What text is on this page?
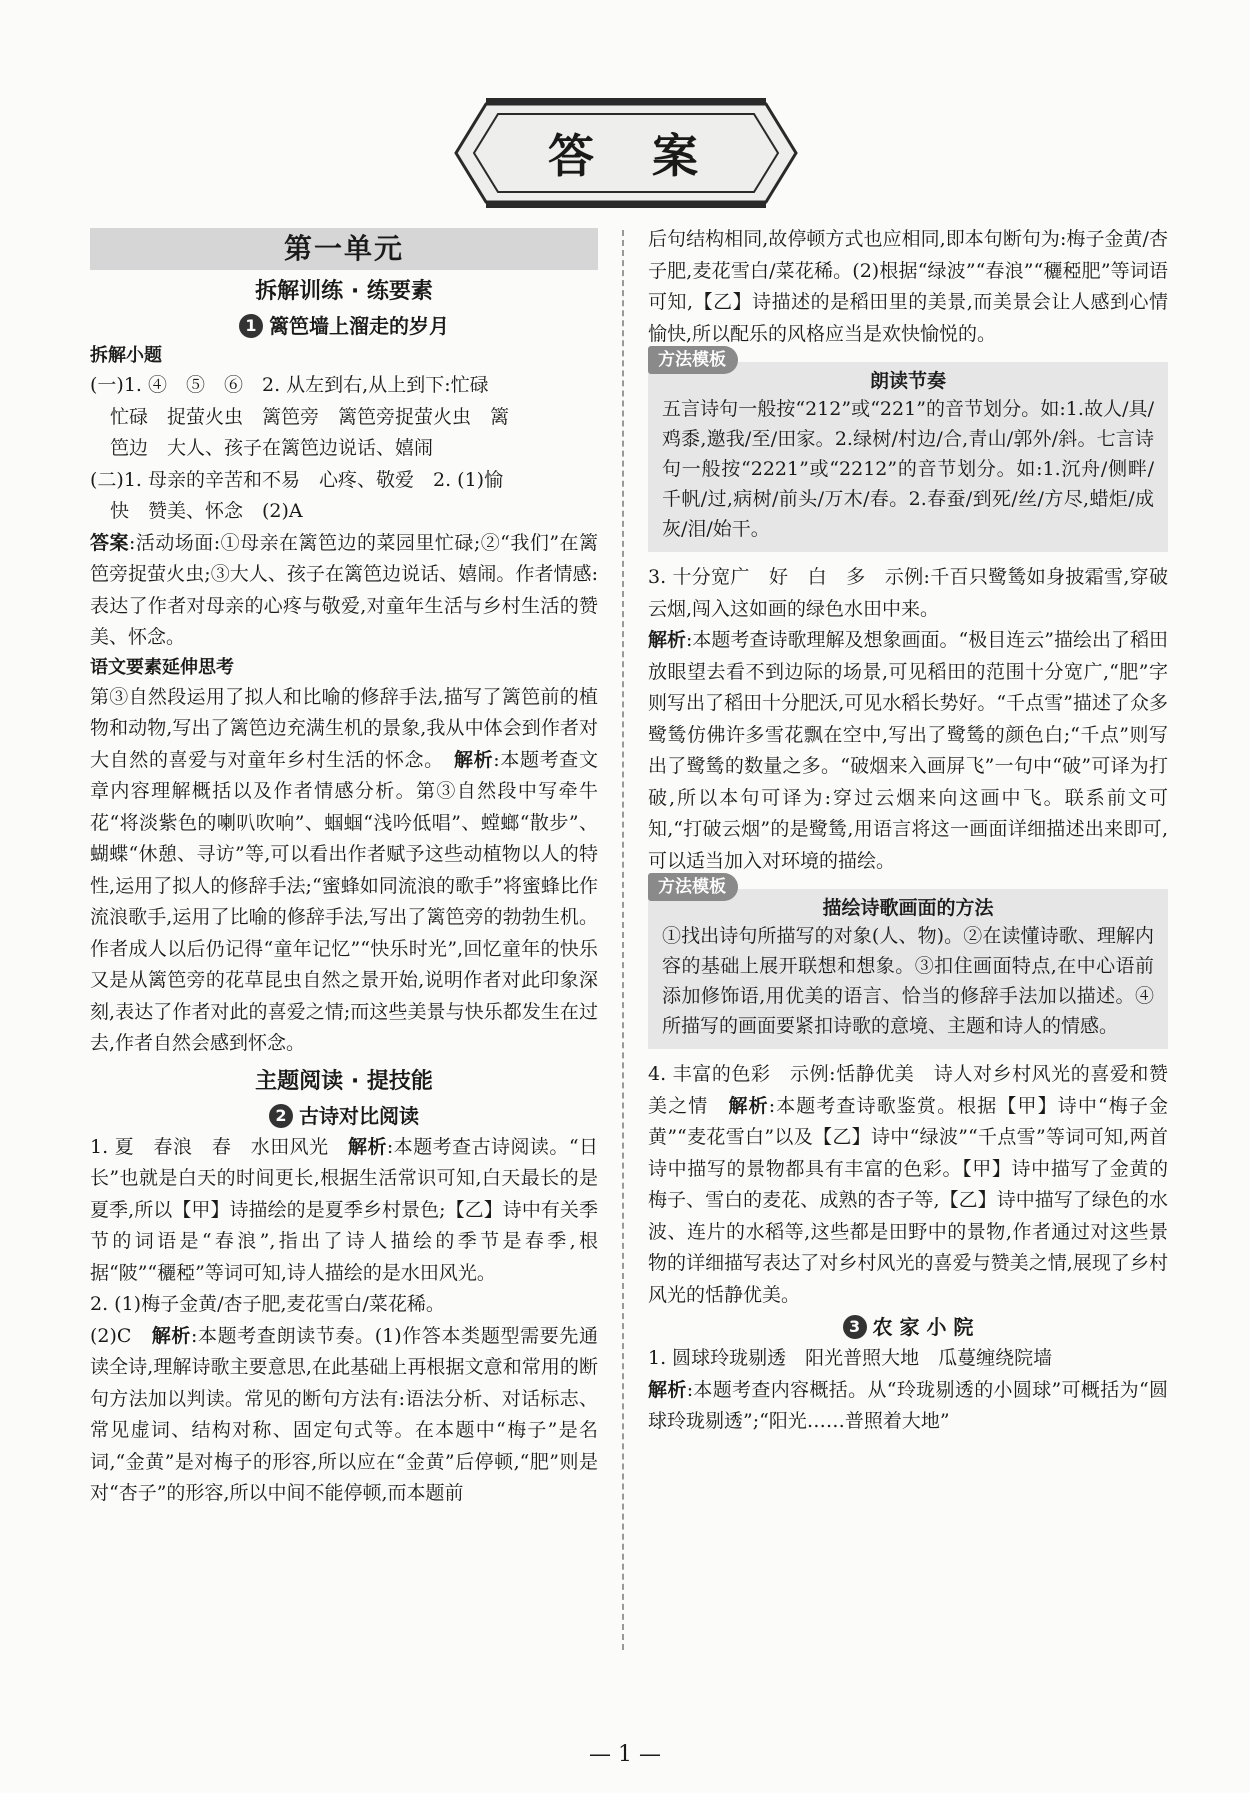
答　案
第一单元
拆解训练 · 练要素
1 篱笆墙上溜走的岁月
拆解小题

(一)1. ④　⑤　⑥　2. 从左到右,从上到下:忙碌

忙碌　捉萤火虫　篱笆旁　篱笆旁捉萤火虫　篱

笆边　大人、孩子在篱笆边说话、嬉闹

(二)1. 母亲的辛苦和不易　心疼、敬爱　2. (1)愉

快　赞美、怀念　(2)A

答案:活动场面:①母亲在篱笆边的菜园里忙碌;②“我们”在篱笆旁捉萤火虫;③大人、孩子在篱笆边说话、嬉闹。作者情感:表达了作者对母亲的心疼与敬爱,对童年生活与乡村生活的赞美、怀念。

语文要素延伸思考

第③自然段运用了拟人和比喻的修辞手法,描写了篱笆前的植物和动物,写出了篱笆边充满生机的景象,我从中体会到作者对大自然的喜爱与对童年乡村生活的怀念。　 解析:本题考查文章内容理解概括以及作者情感分析。第③自然段中写牵牛花“将淡紫色的喇叭吹响”、蝈蝈“浅吟低唱”、螳螂“散步”、蝴蝶“休憩、寻访”等,可以看出作者赋予这些动植物以人的特性,运用了拟人的修辞手法;“蜜蜂如同流浪的歌手”将蜜蜂比作流浪歌手,运用了比喻的修辞手法,写出了篱笆旁的勃勃生机。作者成人以后仍记得“童年记忆”“快乐时光”,回忆童年的快乐又是从篱笆旁的花草昆虫自然之景开始,说明作者对此印象深刻,表达了作者对此的喜爱之情;而这些美景与快乐都发生在过去,作者自然会感到怀念。

主题阅读 · 提技能
2 古诗对比阅读

1. 夏　春浪　春　水田风光　解析:本题考查古诗阅读。“日长”也就是白天的时间更长,根据生活常识可知,白天最长的是夏季,所以【甲】诗描绘的是夏季乡村景色;【乙】诗中有关季节的词语是“春浪”,指出了诗人描绘的季节是春季,根据“陂”“穲稏”等词可知,诗人描绘的是水田风光。

2. (1)梅子金黄/杏子肥,麦花雪白/菜花稀。

(2)C　解析:本题考查朗读节奏。(1)作答本类题型需要先通读全诗,理解诗歌主要意思,在此基础上再根据文意和常用的断句方法加以判读。常见的断句方法有:语法分析、对话标志、常见虚词、结构对称、固定句式等。在本题中“梅子”是名词,“金黄”是对梅子的形容,所以应在“金黄”后停顿,“肥”则是对“杏子”的形容,所以中间不能停顿,而本题前

后句结构相同,故停顿方式也应相同,即本句断句为:梅子金黄/杏子肥,麦花雪白/菜花稀。(2)根据“绿波”“春浪”“穲稏肥”等词语可知,【乙】诗描述的是稻田里的美景,而美景会让人感到心情愉快,所以配乐的风格应当是欢快愉悦的。

方法模板
朗读节奏

五言诗句一般按“212”或“221”的音节划分。如:1.故人/具/鸡黍,邀我/至/田家。2.绿树/村边/合,青山/郭外/斜。七言诗句一般按“2221”或“2212”的音节划分。如:1.沉舟/侧畔/千帆/过,病树/前头/万木/春。2.春蚕/到死/丝/方尽,蜡炬/成灰/泪/始干。

3. 十分宽广　好　白　多　示例:千百只鹭鸶如身披霜雪,穿破云烟,闯入这如画的绿色水田中来。

解析:本题考查诗歌理解及想象画面。“极目连云”描绘出了稻田放眼望去看不到边际的场景,可见稻田的范围十分宽广,“肥”字则写出了稻田十分肥沃,可见水稻长势好。“千点雪”描述了众多鹭鸶仿佛许多雪花飘在空中,写出了鹭鸶的颜色白;“千点”则写出了鹭鸶的数量之多。“破烟来入画屏飞”一句中“破”可译为打破,所以本句可译为:穿过云烟来向这画中飞。联系前文可知,“打破云烟”的是鹭鸶,用语言将这一画面详细描述出来即可,可以适当加入对环境的描绘。

方法模板
描绘诗歌画面的方法

①找出诗句所描写的对象(人、物)。②在读懂诗歌、理解内容的基础上展开联想和想象。③扣住画面特点,在中心语前添加修饰语,用优美的语言、恰当的修辞手法加以描述。④所描写的画面要紧扣诗歌的意境、主题和诗人的情感。

4. 丰富的色彩　示例:恬静优美　诗人对乡村风光的喜爱和赞美之情　解析:本题考查诗歌鉴赏。根据【甲】诗中“梅子金黄”“麦花雪白”以及【乙】诗中“绿波”“千点雪”等词可知,两首诗中描写的景物都具有丰富的色彩。【甲】诗中描写了金黄的梅子、雪白的麦花、成熟的杏子等,【乙】诗中描写了绿色的水波、连片的水稻等,这些都是田野中的景物,作者通过对这些景物的详细描写表达了对乡村风光的喜爱与赞美之情,展现了乡村风光的恬静优美。

3 农 家 小 院

1. 圆球玲珑剔透　阳光普照大地　瓜蔓缠绕院墙

解析:本题考查内容概括。从“玲珑剔透的小圆球”可概括为“圆球玲珑剔透”;“阳光……普照着大地”

— 1 —
